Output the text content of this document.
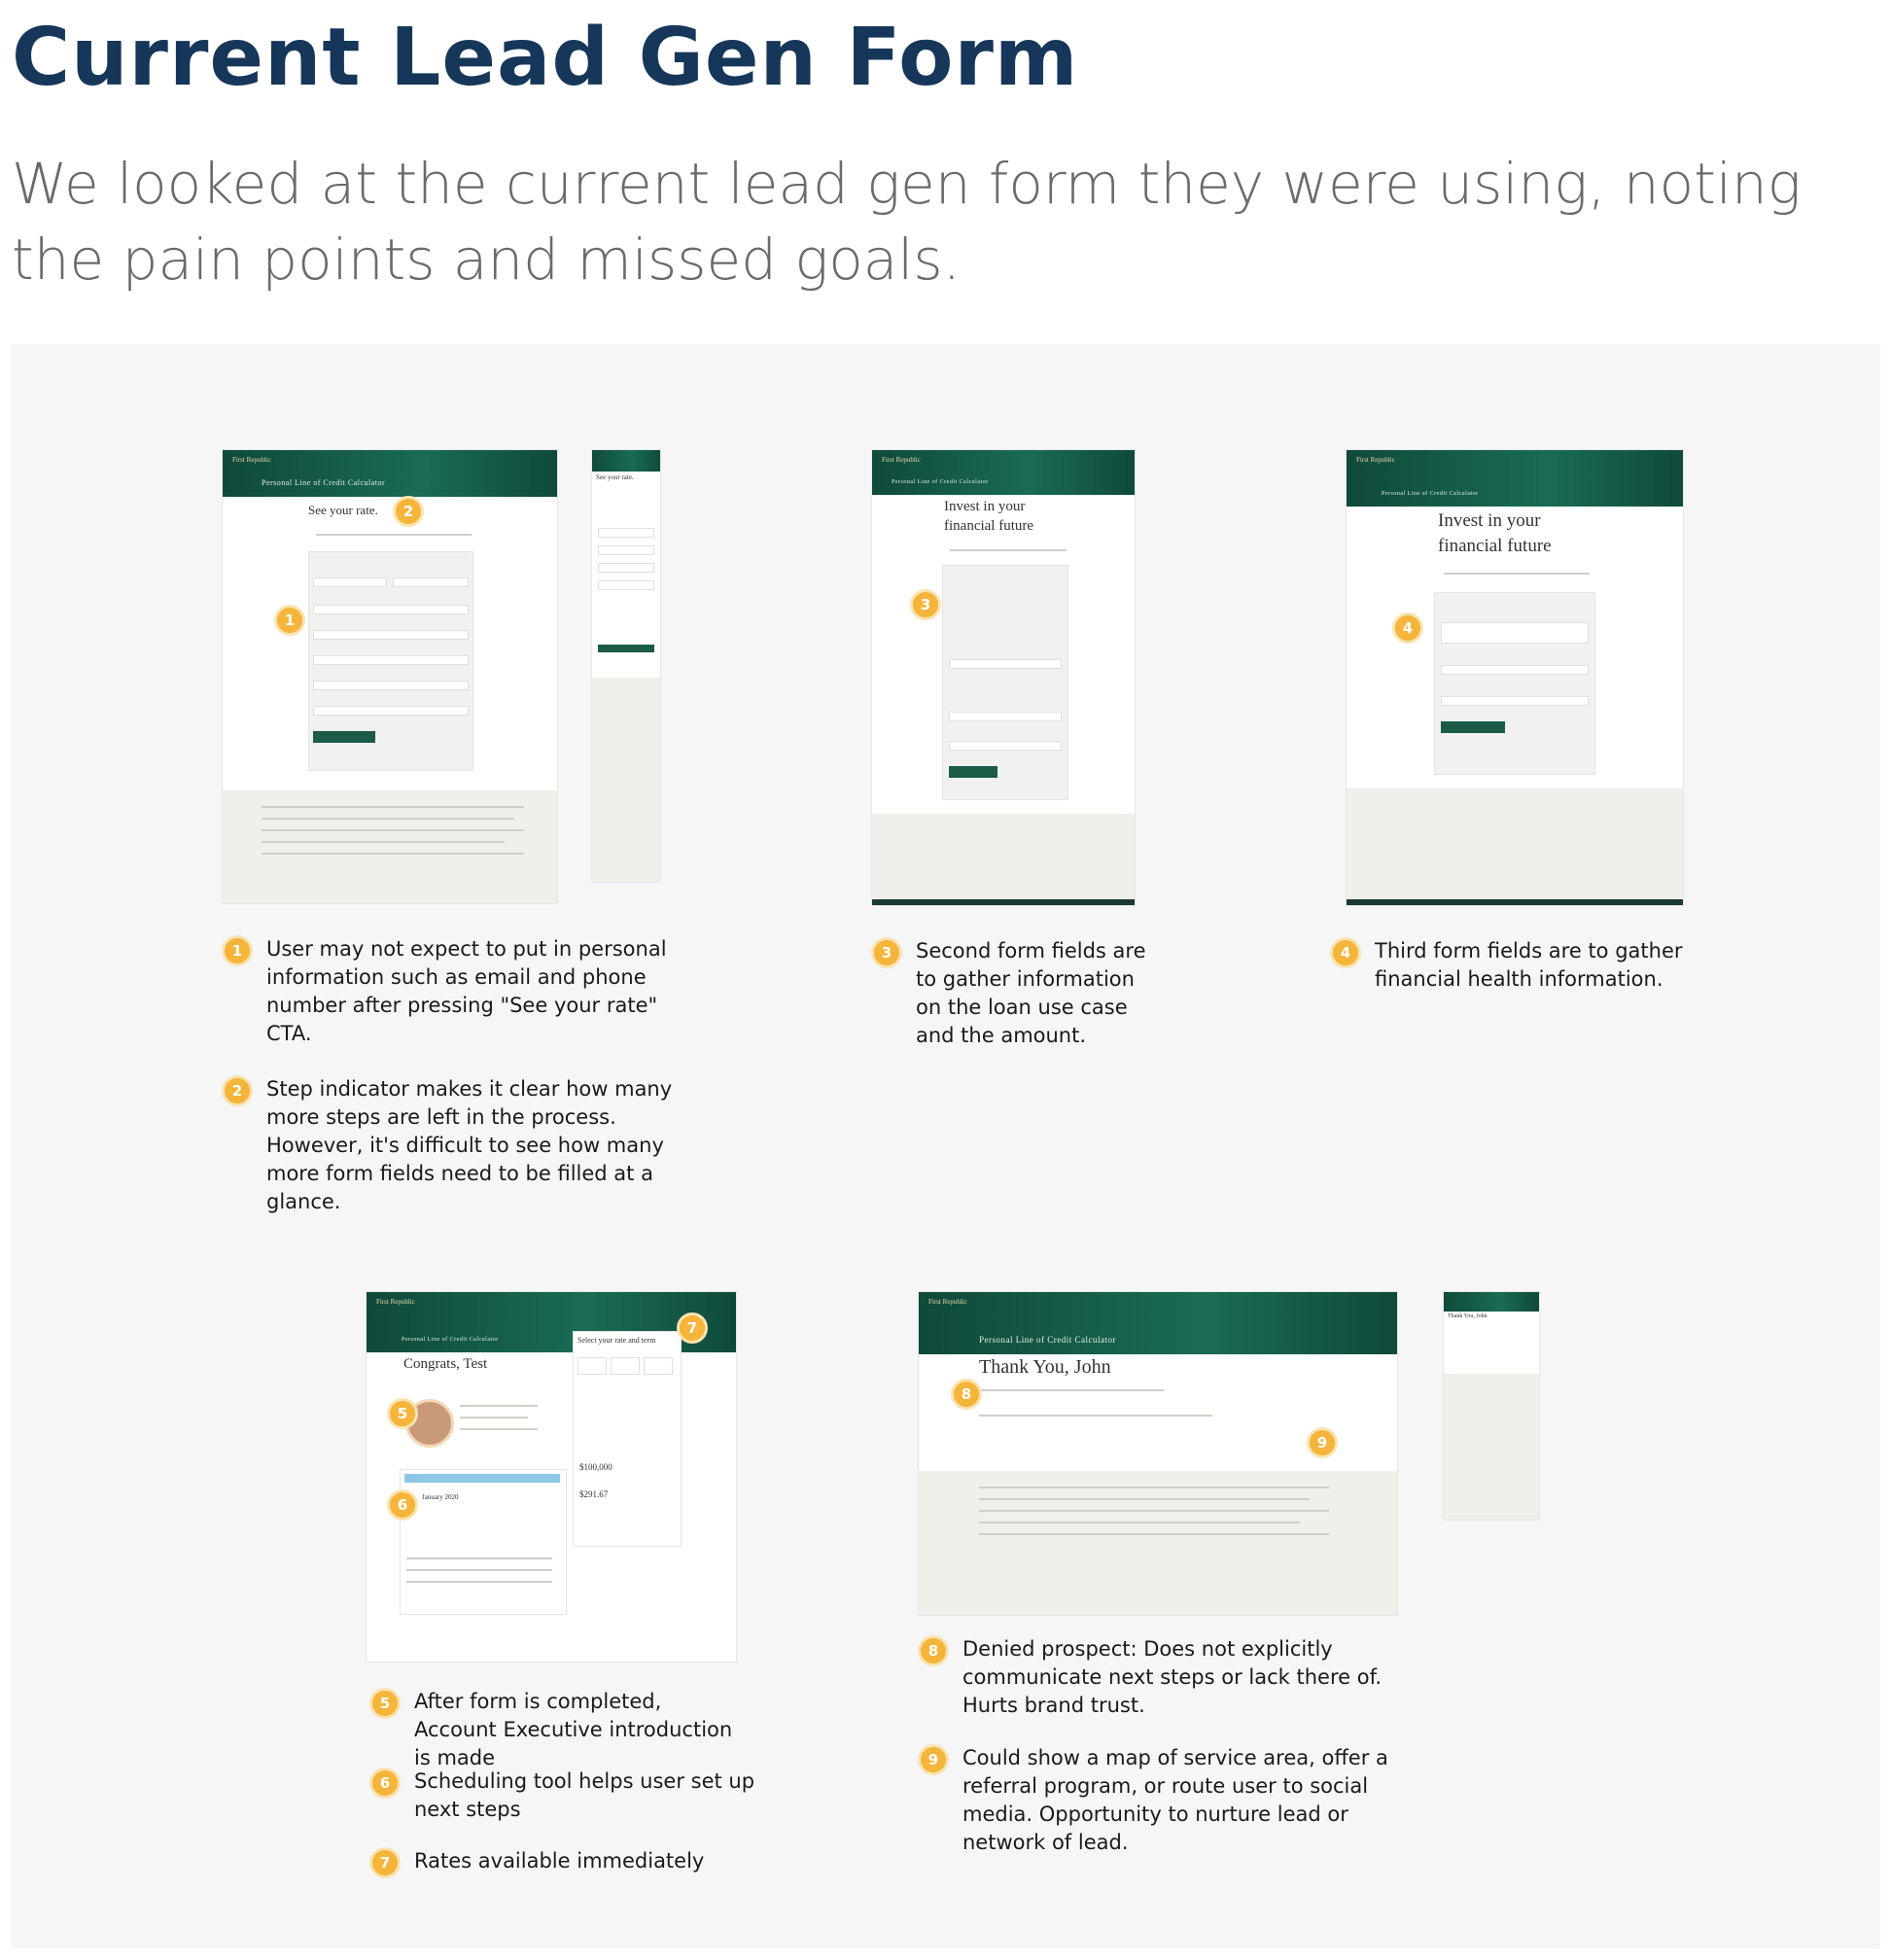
Current Lead Gen Form

We looked at the current lead gen form they were using, noting the pain points and missed goals.

First Republic
Personal Line of Credit Calculator
See your rate.
See your rate.
First Republic
Personal Line of Credit Calculator
Invest in your
financial future
First Republic
Personal Line of Credit Calculator
Invest in your
financial future
First Republic
Personal Line of Credit Calculator
Congrats, Test
January 2020
Select your rate and term
$100,000
$291.67
First Republic
Personal Line of Credit Calculator
Thank You, John
Thank You, John
1
2
3
4
5
6
7
8
9
1	User may not expect to put in personal information such as email and phone number after pressing "See your rate" CTA.
2	Step indicator makes it clear how many more steps are left in the process. However, it's difficult to see how many more form fields need to be filled at a glance.
3	Second form fields are to gather information on the loan use case and the amount.
4	Third form fields are to gather financial health information.
5	After form is completed, Account Executive introduction is made
6	Scheduling tool helps user set up next steps
7	Rates available immediately
8	Denied prospect: Does not explicitly communicate next steps or lack there of. Hurts brand trust.
9	Could show a map of service area, offer a referral program, or route user to social media. Opportunity to nurture lead or network of lead.
